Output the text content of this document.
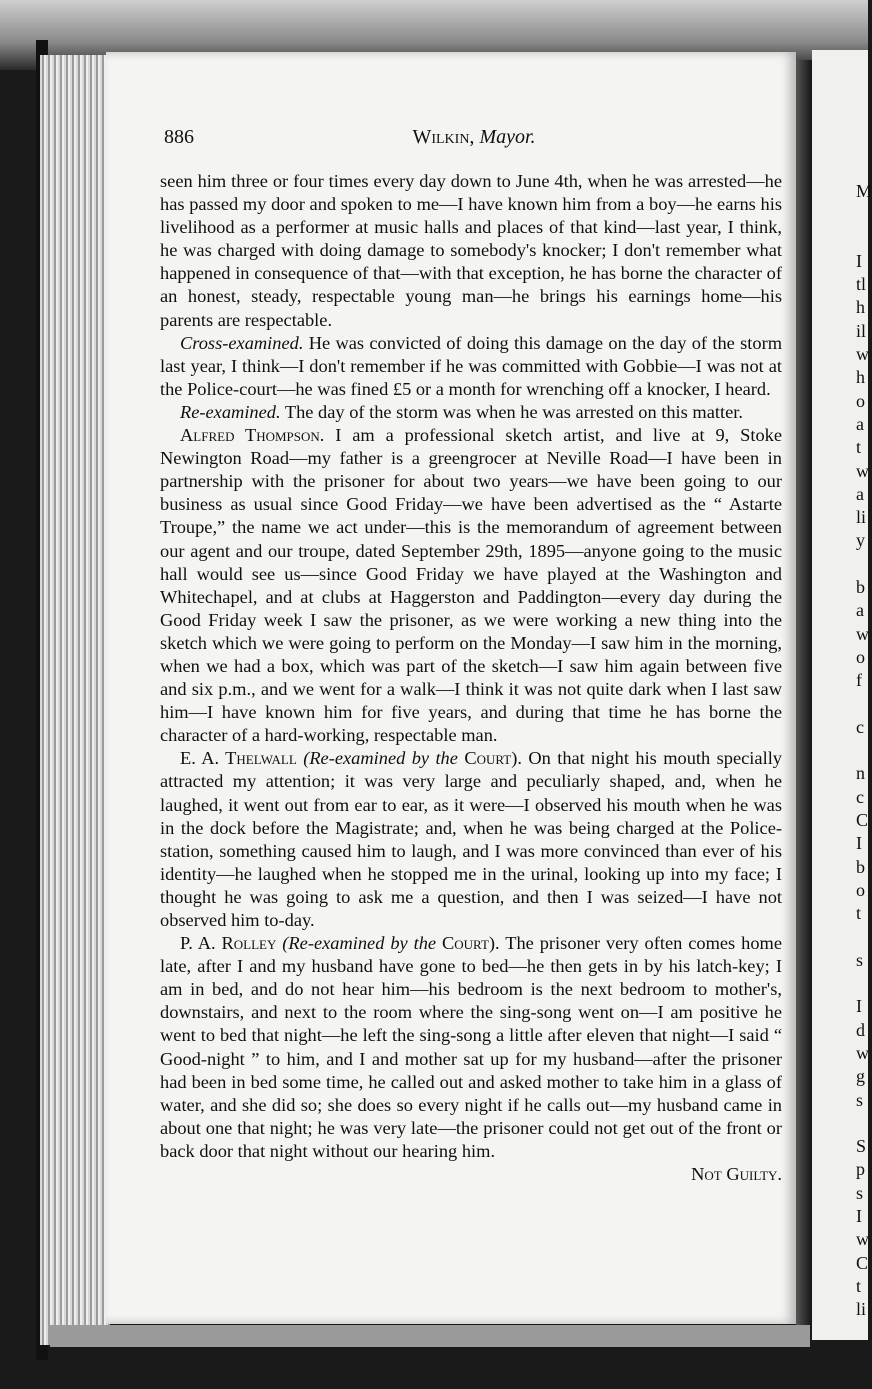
886	Wilkin, Mayor.

seen him three or four times every day down to June 4th, when he was arrested—he has passed my door and spoken to me—I have known him from a boy—he earns his livelihood as a performer at music halls and places of that kind—last year, I think, he was charged with doing damage to somebody's knocker; I don't remember what happened in consequence of that—with that exception, he has borne the character of an honest, steady, respectable young man—he brings his earnings home—his parents are respectable.

Cross-examined. He was convicted of doing this damage on the day of the storm last year, I think—I don't remember if he was committed with Gobbie—I was not at the Police-court—he was fined £5 or a month for wrenching off a knocker, I heard.

Re-examined. The day of the storm was when he was arrested on this matter.

Alfred Thompson. I am a professional sketch artist, and live at 9, Stoke Newington Road—my father is a greengrocer at Neville Road—I have been in partnership with the prisoner for about two years—we have been going to our business as usual since Good Friday—we have been advertised as the “ Astarte Troupe,” the name we act under—this is the memorandum of agreement between our agent and our troupe, dated September 29th, 1895—anyone going to the music hall would see us—since Good Friday we have played at the Washington and Whitechapel, and at clubs at Haggerston and Paddington—every day during the Good Friday week I saw the prisoner, as we were working a new thing into the sketch which we were going to perform on the Monday—I saw him in the morning, when we had a box, which was part of the sketch—I saw him again between five and six p.m., and we went for a walk—I think it was not quite dark when I last saw him—I have known him for five years, and during that time he has borne the character of a hard-working, respectable man.

E. A. Thelwall (Re-examined by the Court). On that night his mouth specially attracted my attention; it was very large and peculiarly shaped, and, when he laughed, it went out from ear to ear, as it were—I observed his mouth when he was in the dock before the Magistrate; and, when he was being charged at the Police-station, something caused him to laugh, and I was more convinced than ever of his identity—he laughed when he stopped me in the urinal, looking up into my face; I thought he was going to ask me a question, and then I was seized—I have not observed him to-day.

P. A. Rolley (Re-examined by the Court). The prisoner very often comes home late, after I and my husband have gone to bed—he then gets in by his latch-key; I am in bed, and do not hear him—his bedroom is the next bedroom to mother's, downstairs, and next to the room where the sing-song went on—I am positive he went to bed that night—he left the sing-song a little after eleven that night—I said “ Good-night ” to him, and I and mother sat up for my husband—after the prisoner had been in bed some time, he called out and asked mother to take him in a glass of water, and she did so; she does so every night if he calls out—my husband came in about one that night; he was very late—the prisoner could not get out of the front or back door that night without our hearing him.

Not Guilty.

M

I
tl
h
il
w
h
o
a
t
w
a
li
y

b
a
w
o
f

c

n
c
C
I
b
o
t

s

I
d
w
g
s

S
p
s
I
w
C
t
li
